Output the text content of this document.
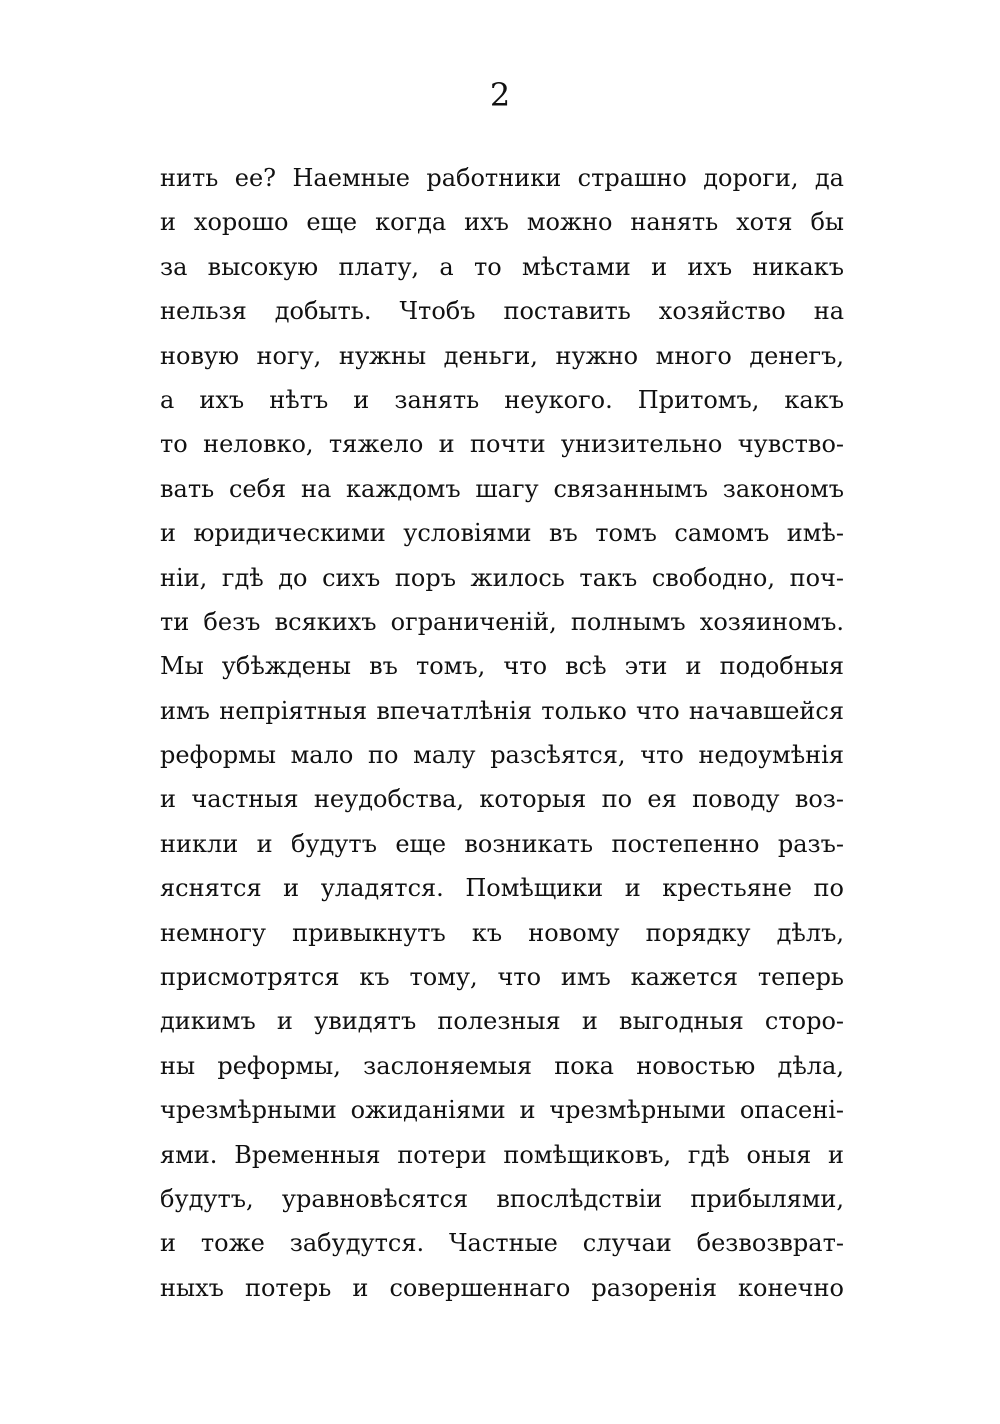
2
нить ее? Наемные работники страшно дороги, да
и хорошо еще когда ихъ можно нанять хотя бы
за высокую плату, а то мѣстами и ихъ никакъ
нельзя добыть. Чтобъ поставить хозяйство на
новую ногу, нужны деньги, нужно много денегъ,
а ихъ нѣтъ и занять неукого. Притомъ, какъ
то неловко, тяжело и почти унизительно чувство-
вать себя на каждомъ шагу связаннымъ закономъ
и юридическими условіями въ томъ самомъ имѣ-
ніи, гдѣ до сихъ поръ жилось такъ свободно, поч-
ти безъ всякихъ ограниченій, полнымъ хозяиномъ.
Мы убѣждены въ томъ, что всѣ эти и подобныя
имъ непріятныя впечатлѣнія только что начавшейся
реформы мало по малу разсѣятся, что недоумѣнія
и частныя неудобства, которыя по ея поводу воз-
никли и будутъ еще возникать постепенно разъ-
яснятся и уладятся. Помѣщики и крестьяне по
немногу привыкнутъ къ новому порядку дѣлъ,
присмотрятся къ тому, что имъ кажется теперь
дикимъ и увидятъ полезныя и выгодныя сторо-
ны реформы, заслоняемыя пока новостью дѣла,
чрезмѣрными ожиданіями и чрезмѣрными опасені-
ями. Временныя потери помѣщиковъ, гдѣ оныя и
будутъ, уравновѣсятся впослѣдствіи прибылями,
и тоже забудутся. Частные случаи безвозврат-
ныхъ потерь и совершеннаго разоренія конечно
